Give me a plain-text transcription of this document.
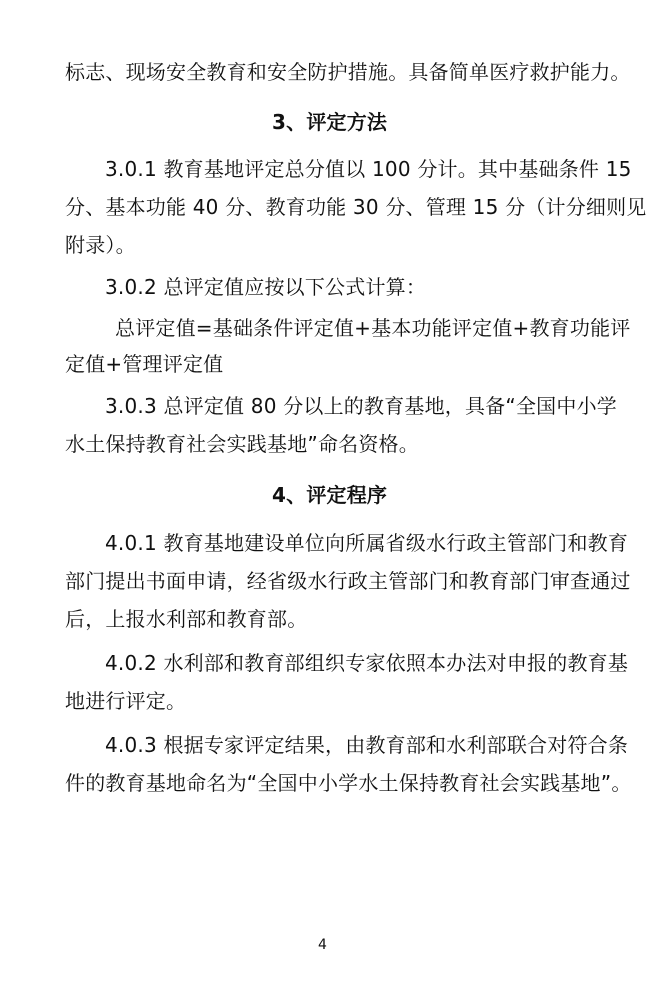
标志、现场安全教育和安全防护措施。具备简单医疗救护能力。
3、评定方法
3.0.1 教育基地评定总分值以 100 分计。其中基础条件 15
分、基本功能 40 分、教育功能 30 分、管理 15 分（计分细则见
附录）。
3.0.2 总评定值应按以下公式计算：
总评定值=基础条件评定值+基本功能评定值+教育功能评
定值+管理评定值
3.0.3 总评定值 80 分以上的教育基地，具备“全国中小学
水土保持教育社会实践基地”命名资格。
4、评定程序
4.0.1 教育基地建设单位向所属省级水行政主管部门和教育
部门提出书面申请，经省级水行政主管部门和教育部门审查通过
后，上报水利部和教育部。
4.0.2 水利部和教育部组织专家依照本办法对申报的教育基
地进行评定。
4.0.3 根据专家评定结果，由教育部和水利部联合对符合条
件的教育基地命名为“全国中小学水土保持教育社会实践基地”。
4
